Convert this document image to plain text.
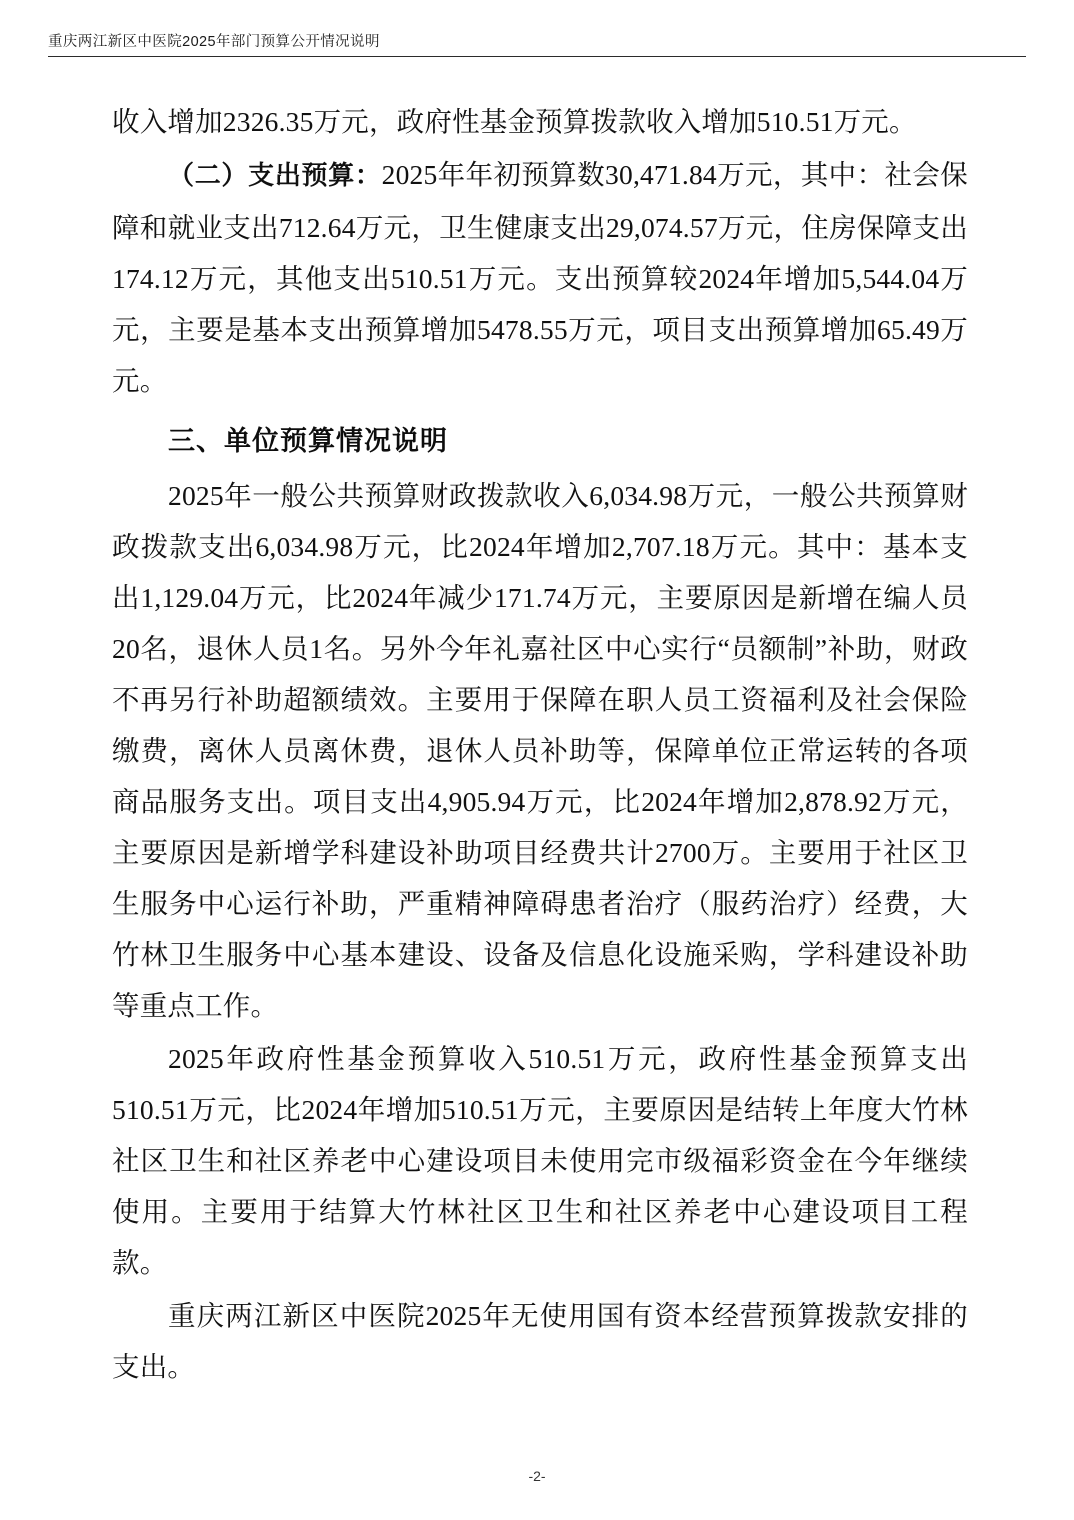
重庆两江新区中医院2025年部门预算公开情况说明

收入增加2326.35万元，政府性基金预算拨款收入增加510.51万元。

（二）支出预算：2025年年初预算数30,471.84万元，其中：社会保障和就业支出712.64万元，卫生健康支出29,074.57万元，住房保障支出174.12万元，其他支出510.51万元。支出预算较2024年增加5,544.04万元，主要是基本支出预算增加5478.55万元，项目支出预算增加65.49万元。

三、单位预算情况说明

2025年一般公共预算财政拨款收入6,034.98万元，一般公共预算财政拨款支出6,034.98万元，比2024年增加2,707.18万元。其中：基本支出1,129.04万元，比2024年减少171.74万元，主要原因是新增在编人员20名，退休人员1名。另外今年礼嘉社区中心实行“员额制”补助，财政不再另行补助超额绩效。主要用于保障在职人员工资福利及社会保险缴费，离休人员离休费，退休人员补助等，保障单位正常运转的各项商品服务支出。项目支出4,905.94万元，比2024年增加2,878.92万元，主要原因是新增学科建设补助项目经费共计2700万。主要用于社区卫生服务中心运行补助，严重精神障碍患者治疗（服药治疗）经费，大竹林卫生服务中心基本建设、设备及信息化设施采购，学科建设补助等重点工作。

2025年政府性基金预算收入510.51万元，政府性基金预算支出510.51万元，比2024年增加510.51万元，主要原因是结转上年度大竹林社区卫生和社区养老中心建设项目未使用完市级福彩资金在今年继续使用。主要用于结算大竹林社区卫生和社区养老中心建设项目工程款。

重庆两江新区中医院2025年无使用国有资本经营预算拨款安排的支出。

-2-
